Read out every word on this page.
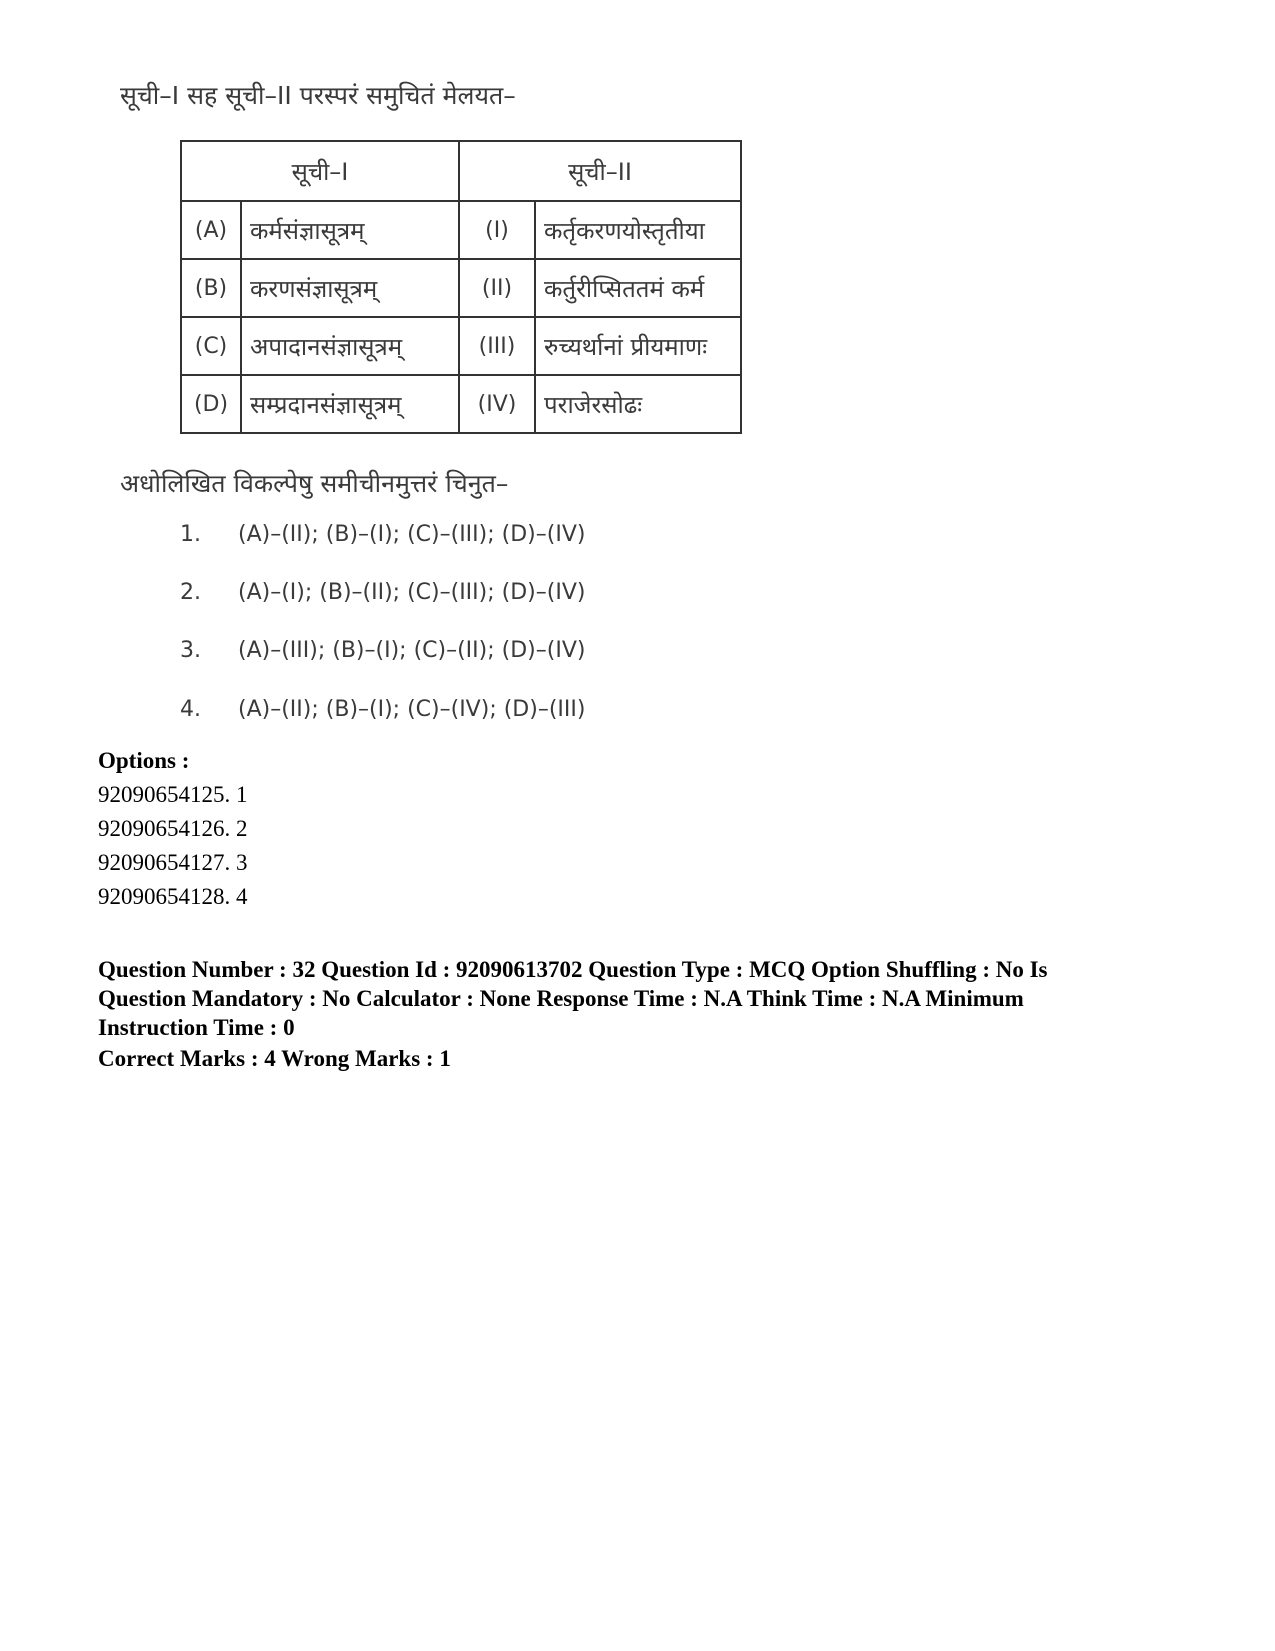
सूची–I सह सूची–II परस्परं समुचितं मेलयत–
सूची–I		सूची–II	
(A)	कर्मसंज्ञासूत्रम्	(I)	कर्तृकरणयोस्तृतीया
(B)	करणसंज्ञासूत्रम्	(II)	कर्तुरीप्सिततमं कर्म
(C)	अपादानसंज्ञासूत्रम्	(III)	रुच्यर्थानां प्रीयमाणः
(D)	सम्प्रदानसंज्ञासूत्रम्	(IV)	पराजेरसोढः
अधोलिखित विकल्पेषु समीचीनमुत्तरं चिनुत–
1. (A)–(II); (B)–(I); (C)–(III); (D)–(IV)
2. (A)–(I); (B)–(II); (C)–(III); (D)–(IV)
3. (A)–(III); (B)–(I); (C)–(II); (D)–(IV)
4. (A)–(II); (B)–(I); (C)–(IV); (D)–(III)
Options :
92090654125. 1
92090654126. 2
92090654127. 3
92090654128. 4
Question Number : 32 Question Id : 92090613702 Question Type : MCQ Option Shuffling : No Is Question Mandatory : No Calculator : None Response Time : N.A Think Time : N.A Minimum Instruction Time : 0
Correct Marks : 4 Wrong Marks : 1
